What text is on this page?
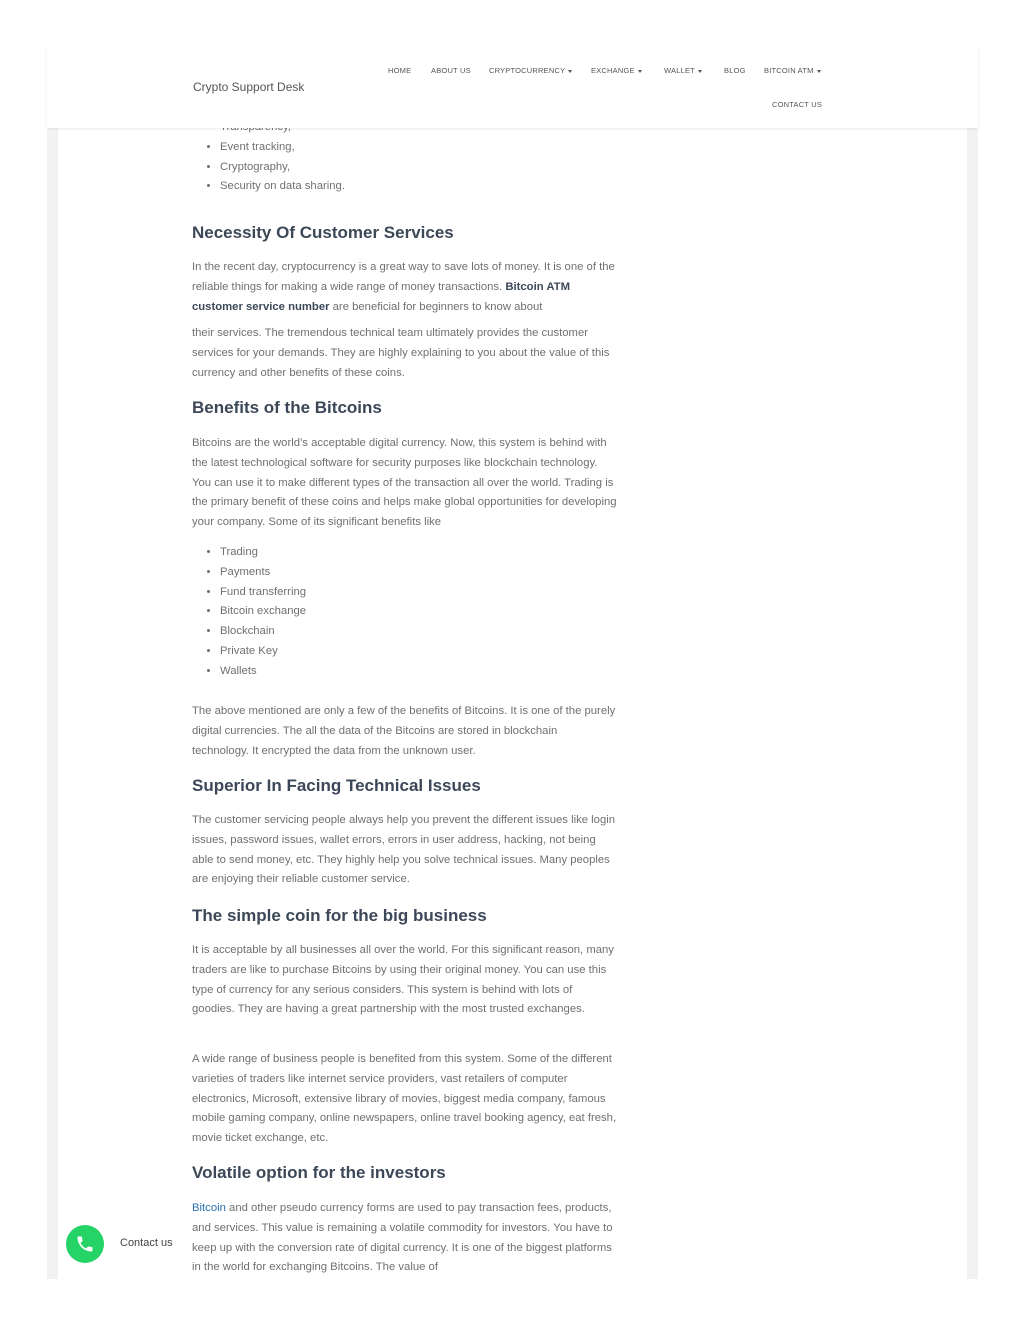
Crypto Support Desk
HOME	ABOUT US CRYPTOCURRENCY	EXCHANGE	WALLET	BLOG BITCOIN ATM
CONTACT US
•
• Event tracking,
• Cryptography,
• Security on data sharing.
Necessity Of Customer Services

In the recent day, cryptocurrency is a great way to save lots of money. It is one of the reliable things for making a wide range of money transactions. Bitcoin ATM customer service number are beneficial for beginners to know about

their services. The tremendous technical team ultimately provides the customer services for your demands. They are highly explaining to you about the value of this currency and other benefits of these coins.

Benefits of the Bitcoins

Bitcoins are the world’s acceptable digital currency. Now, this system is behind with the latest technological software for security purposes like blockchain technology. You can use it to make different types of the transaction all over the world. Trading is the primary benefit of these coins and helps make global opportunities for developing your company. Some of its significant benefits like

• Trading
• Payments
• Fund transferring
• Bitcoin exchange
• Blockchain
• Private Key
• Wallets

The above mentioned are only a few of the benefits of Bitcoins. It is one of the purely digital currencies. The all the data of the Bitcoins are stored in blockchain technology. It encrypted the data from the unknown user.

Superior In Facing Technical Issues

The customer servicing people always help you prevent the different issues like login issues, password issues, wallet errors, errors in user address, hacking, not being able to send money, etc. They highly help you solve technical issues. Many peoples are enjoying their reliable customer service.

The simple coin for the big business

It is acceptable by all businesses all over the world. For this significant reason, many traders are like to purchase Bitcoins by using their original money. You can use this type of currency for any serious considers. This system is behind with lots of goodies. They are having a great partnership with the most trusted exchanges.

A wide range of business people is benefited from this system. Some of the different varieties of traders like internet service providers, vast retailers of computer electronics, Microsoft, extensive library of movies, biggest media company, famous mobile gaming company, online newspapers, online travel booking agency, eat fresh, movie ticket exchange, etc.

Volatile option for the investors

Bitcoin and other pseudo currency forms are used to pay transaction fees, products, and services. This value is remaining a volatile commodity for investors. You have to keep up with the conversion rate of digital currency. It is one of the biggest platforms in the world for exchanging Bitcoins. The value of

Contact us
